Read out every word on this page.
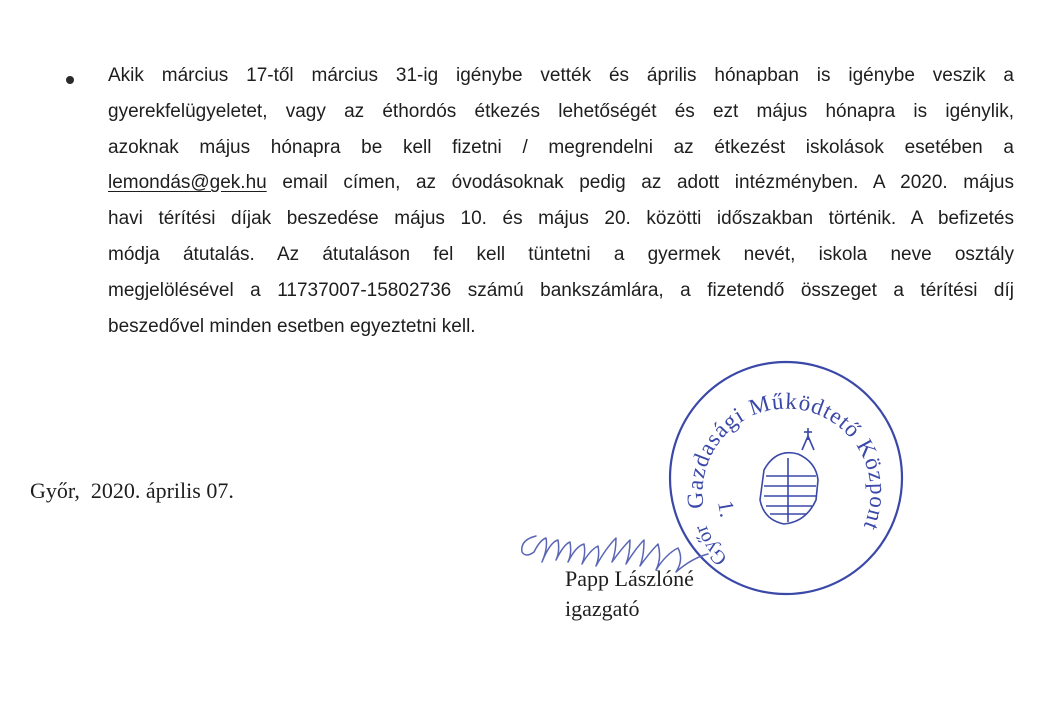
Akik március 17-től március 31-ig igénybe vették és április hónapban is igénybe veszik a
gyerekfelügyeletet, vagy az éthordós étkezés lehetőségét és ezt május hónapra is igénylik,
azoknak május hónapra be kell fizetni / megrendelni az étkezést iskolások esetében a
lemondás@gek.hu email címen, az óvodásoknak pedig az adott intézményben. A 2020. május
havi térítési díjak beszedése május 10. és május 20. közötti időszakban történik. A befizetés
módja átutalás. Az átutaláson fel kell tüntetni a gyermek nevét, iskola neve osztály
megjelölésével a 11737007-15802736 számú bankszámlára, a fizetendő összeget a térítési díj
beszedővel minden esetben egyeztetni kell.
Győr,  2020. április 07.	Gazdasági Működtető Központ
Győr
1.
Papp Lászlóné
igazgató
